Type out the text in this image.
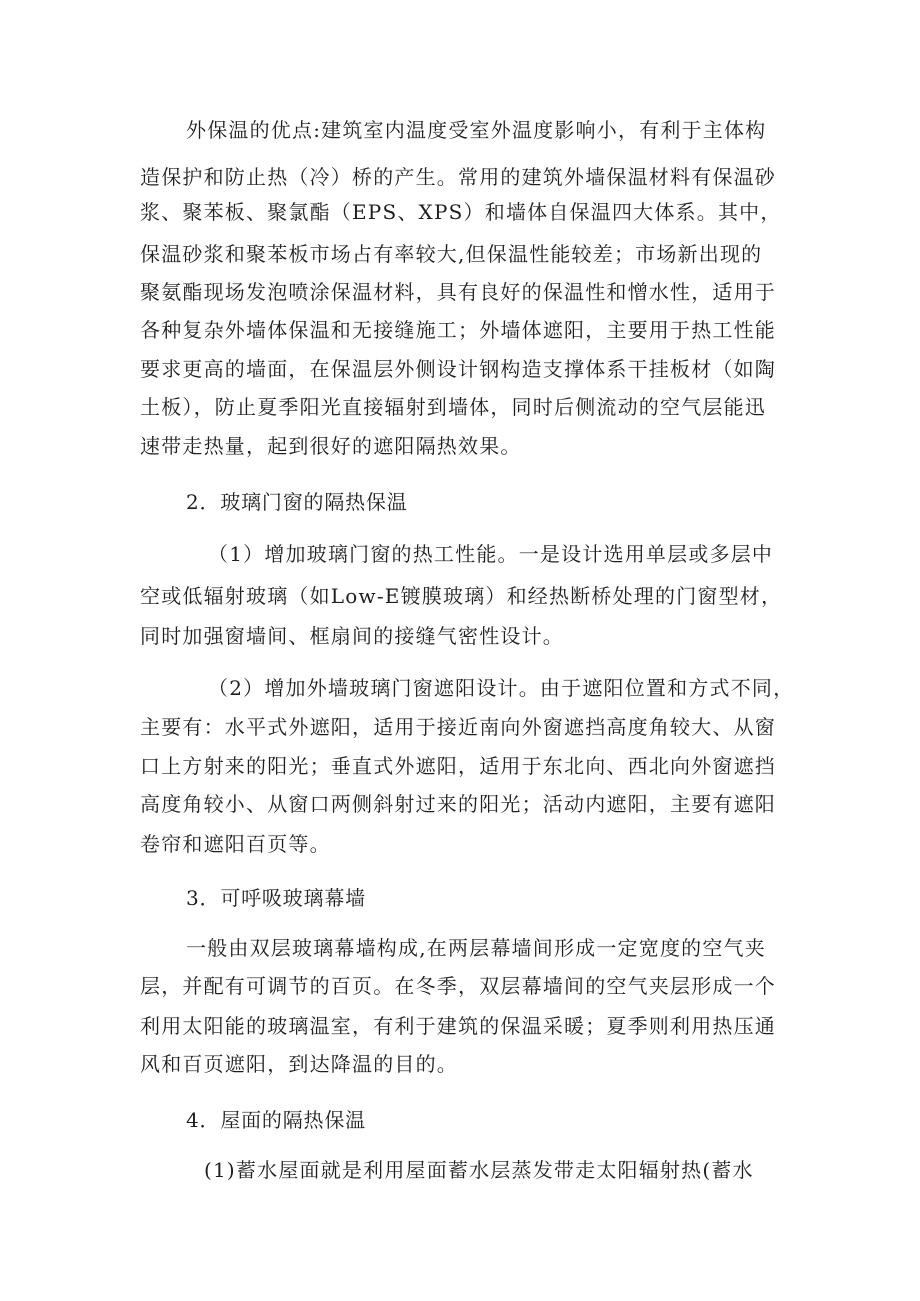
外保温的优点:建筑室内温度受室外温度影响小，有利于主体构
造保护和防止热（冷）桥的产生。常用的建筑外墙保温材料有保温砂
浆、聚苯板、聚氯酯（EPS、XPS）和墙体自保温四大体系。其中，
保温砂浆和聚苯板市场占有率较大,但保温性能较差；市场新出现的
聚氨酯现场发泡喷涂保温材料，具有良好的保温性和憎水性，适用于
各种复杂外墙体保温和无接缝施工；外墙体遮阳，主要用于热工性能
要求更高的墙面，在保温层外侧设计钢构造支撑体系干挂板材（如陶
土板），防止夏季阳光直接辐射到墙体，同时后侧流动的空气层能迅
速带走热量，起到很好的遮阳隔热效果。
2．玻璃门窗的隔热保温
（1）增加玻璃门窗的热工性能。一是设计选用单层或多层中
空或低辐射玻璃（如Low-E镀膜玻璃）和经热断桥处理的门窗型材，
同时加强窗墙间、框扇间的接缝气密性设计。
（2）增加外墙玻璃门窗遮阳设计。由于遮阳位置和方式不同，
主要有：水平式外遮阳，适用于接近南向外窗遮挡高度角较大、从窗
口上方射来的阳光；垂直式外遮阳，适用于东北向、西北向外窗遮挡
高度角较小、从窗口两侧斜射过来的阳光；活动内遮阳，主要有遮阳
卷帘和遮阳百页等。
3．可呼吸玻璃幕墙
一般由双层玻璃幕墙构成,在两层幕墙间形成一定宽度的空气夹
层，并配有可调节的百页。在冬季，双层幕墙间的空气夹层形成一个
利用太阳能的玻璃温室，有利于建筑的保温采暖；夏季则利用热压通
风和百页遮阳，到达降温的目的。
4．屋面的隔热保温
(1)蓄水屋面就是利用屋面蓄水层蒸发带走太阳辐射热(蓄水
